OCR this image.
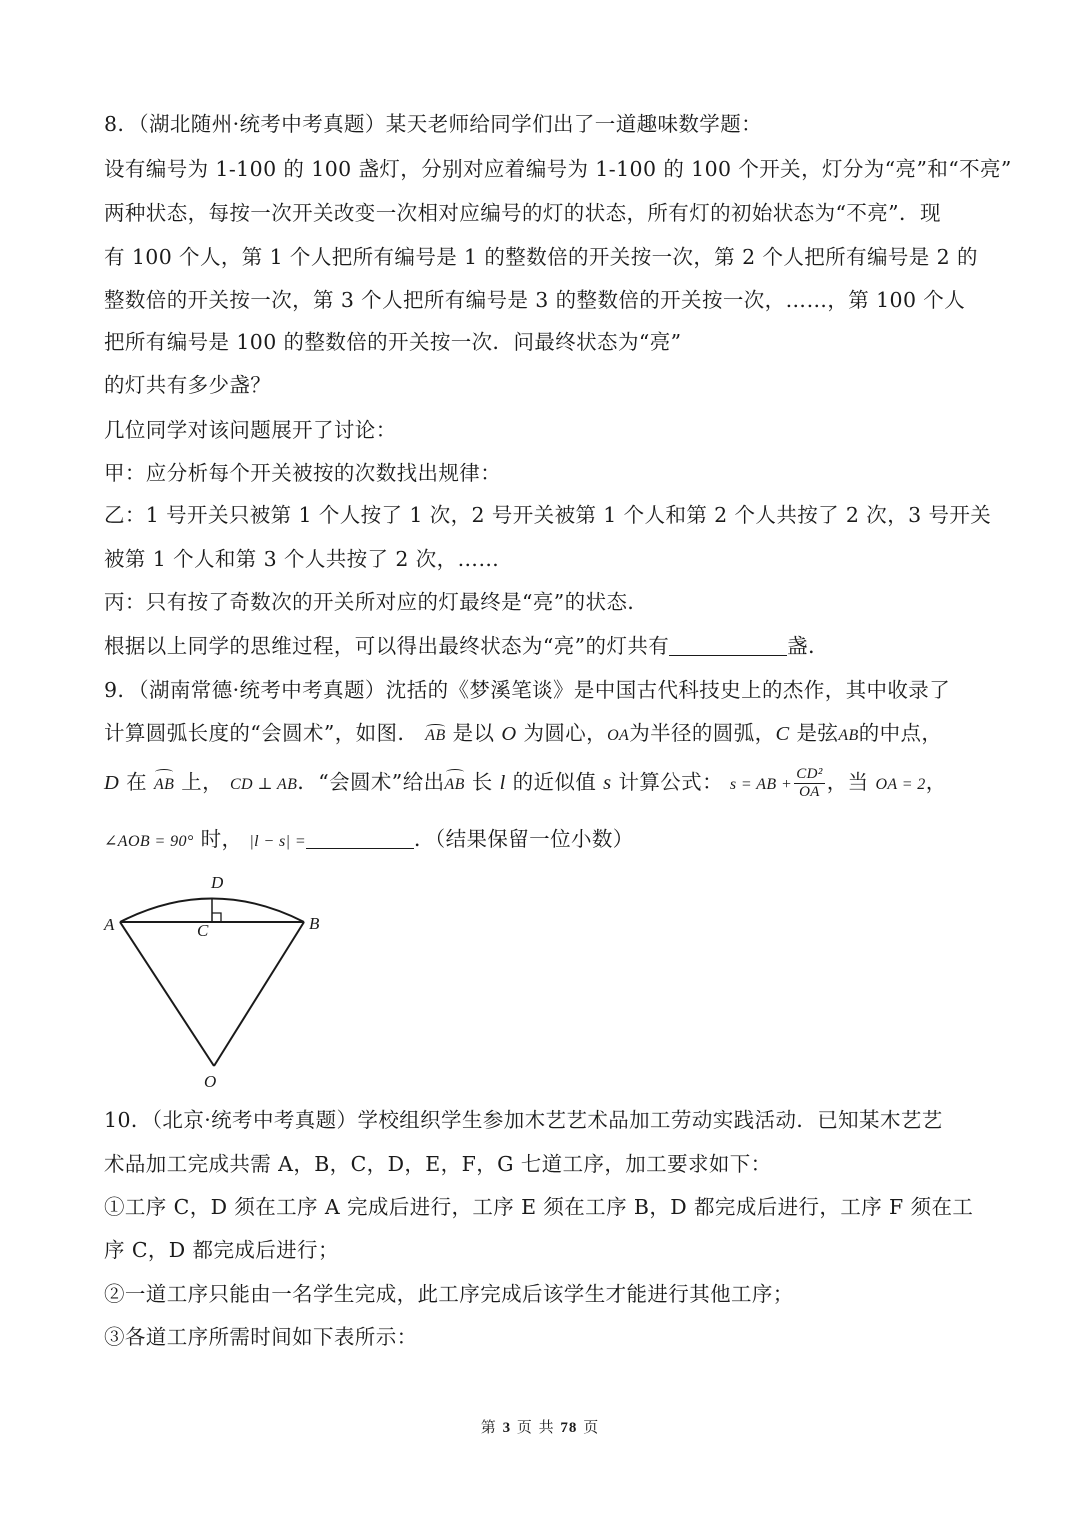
8．（湖北随州·统考中考真题）某天老师给同学们出了一道趣味数学题：
设有编号为 1-100 的 100 盏灯，分别对应着编号为 1-100 的 100 个开关，灯分为“亮”和“不亮”
两种状态，每按一次开关改变一次相对应编号的灯的状态，所有灯的初始状态为“不亮”．现
有 100 个人，第 1 个人把所有编号是 1 的整数倍的开关按一次，第 2 个人把所有编号是 2 的
整数倍的开关按一次，第 3 个人把所有编号是 3 的整数倍的开关按一次，……，第 100 个人
把所有编号是 100 的整数倍的开关按一次．问最终状态为“亮”
的灯共有多少盏？
几位同学对该问题展开了讨论：
甲：应分析每个开关被按的次数找出规律：
乙：1 号开关只被第 1 个人按了 1 次，2 号开关被第 1 个人和第 2 个人共按了 2 次，3 号开关
被第 1 个人和第 3 个人共按了 2 次，……
丙：只有按了奇数次的开关所对应的灯最终是“亮”的状态．
根据以上同学的思维过程，可以得出最终状态为“亮”的灯共有	盏．
9．（湖南常德·统考中考真题）沈括的《梦溪笔谈》是中国古代科技史上的杰作，其中收录了
计算圆弧长度的“会圆术”，如图． AB 是以 O 为圆心，OA为半径的圆弧，C 是弦AB的中点，
D 在 AB 上， CD ⊥ AB．“会圆术”给出AB 长 l 的近似值 s 计算公式： s = AB + $\frac{\text{CD²}}{OA}$ ，当 OA = 2，
∠AOB = 90° 时， |l − s| =	．（结果保留一位小数）
A	B
C
D
O
10．（北京·统考中考真题）学校组织学生参加木艺艺术品加工劳动实践活动．已知某木艺艺
术品加工完成共需 A，B，C，D，E，F，G 七道工序，加工要求如下：
①工序 C，D 须在工序 A 完成后进行，工序 E 须在工序 B，D 都完成后进行，工序 F 须在工
序 C，D 都完成后进行；
②一道工序只能由一名学生完成，此工序完成后该学生才能进行其他工序；
③各道工序所需时间如下表所示：
第 3 页 共 78 页
